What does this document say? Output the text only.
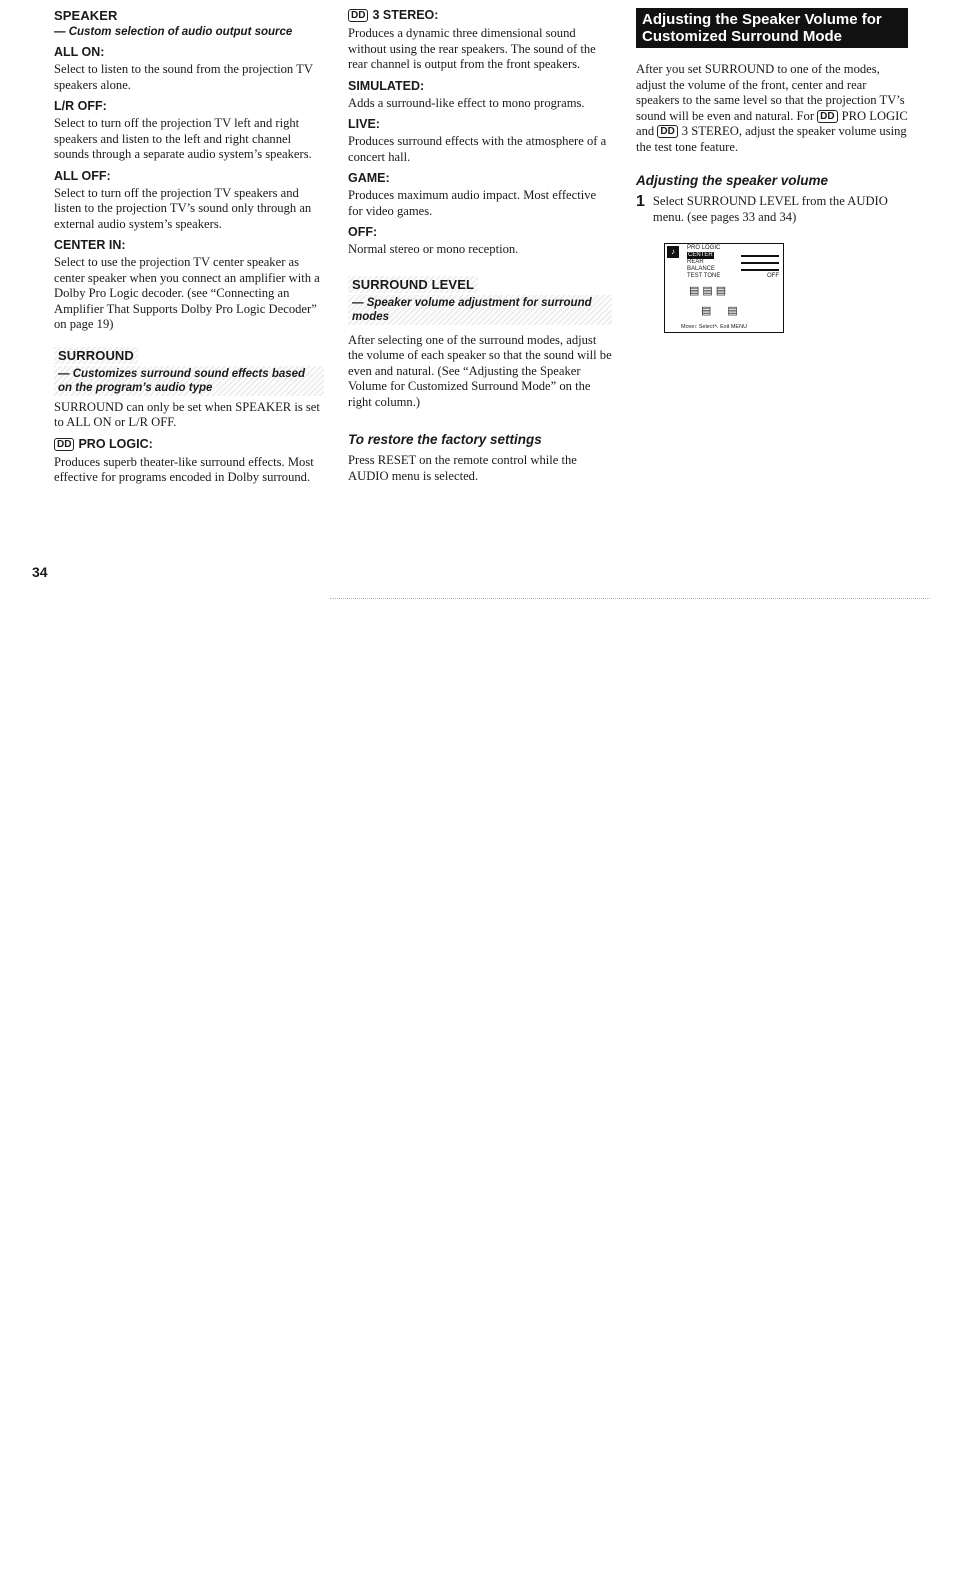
SPEAKER

— Custom selection of audio output source

ALL ON:

Select to listen to the sound from the projection TV speakers alone.

L/R OFF:

Select to turn off the projection TV left and right speakers and listen to the left and right channel sounds through a separate audio system’s speakers.

ALL OFF:

Select to turn off the projection TV speakers and listen to the projection TV’s sound only through an external audio system’s speakers.

CENTER IN:

Select to use the projection TV center speaker as center speaker when you connect an amplifier with a Dolby Pro Logic decoder. (see “Connecting an Amplifier That Supports Dolby Pro Logic Decoder” on page 19)

SURROUND

— Customizes surround sound effects based on the program’s audio type

SURROUND can only be set when SPEAKER is set to ALL ON or L/R OFF.

DD PRO LOGIC:

Produces superb theater-like surround effects. Most effective for programs encoded in Dolby surround.

DD 3 STEREO:

Produces a dynamic three dimensional sound without using the rear speakers. The sound of the rear channel is output from the front speakers.

SIMULATED:

Adds a surround-like effect to mono programs.

LIVE:

Produces surround effects with the atmosphere of a concert hall.

GAME:

Produces maximum audio impact. Most effective for video games.

OFF:

Normal stereo or mono reception.

SURROUND LEVEL

— Speaker volume adjustment for surround modes

After selecting one of the surround modes, adjust the volume of each speaker so that the sound will be even and natural. (See “Adjusting the Speaker Volume for Customized Surround Mode” on the right column.)

To restore the factory settings

Press RESET on the remote control while the AUDIO menu is selected.

Adjusting the Speaker Volume for Customized Surround Mode

After you set SURROUND to one of the modes, adjust the volume of the front, center and rear speakers to the same level so that the projection TV’s sound will be even and natural. For DD PRO LOGIC and DD 3 STEREO, adjust the speaker volume using the test tone feature.

Adjusting the speaker volume

1 Select SURROUND LEVEL from the AUDIO menu. (see pages 33 and 34)
♪	PRO LOGIC
CENTER
REAR
BALANCE
TEST TONE	OFF
▤▤▤
▤▤
Move↕ Select↖ Exit MENU
34
